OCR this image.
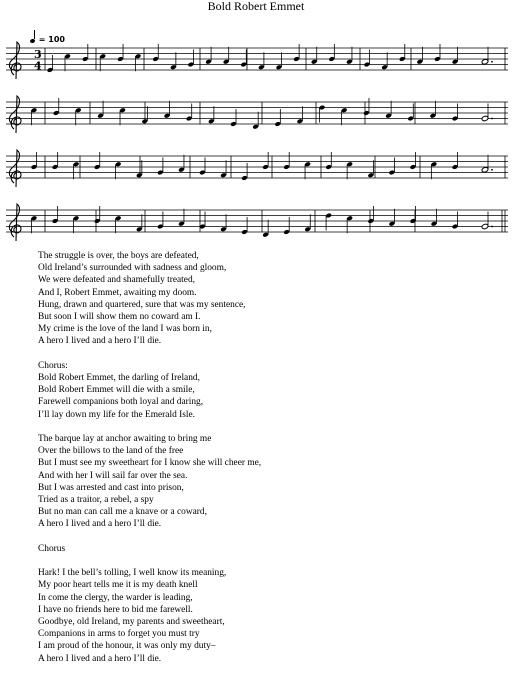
Bold Robert Emmet
= 100
3
4
The struggle is over, the boys are defeated,
Old Ireland’s surrounded with sadness and gloom,
We were defeated and shamefully treated,
And I, Robert Emmet, awaiting my doom.
Hung, drawn and quartered, sure that was my sentence,
But soon I will show them no coward am I.
My crime is the love of the land I was born in,
A hero I lived and a hero I’ll die.
Chorus:
Bold Robert Emmet, the darling of Ireland,
Bold Robert Emmet will die with a smile,
Farewell companions both loyal and daring,
I’ll lay down my life for the Emerald Isle.
The barque lay at anchor awaiting to bring me
Over the billows to the land of the free
But I must see my sweetheart for I know she will cheer me,
And with her I will sail far over the sea.
But I was arrested and cast into prison,
Tried as a traitor, a rebel, a spy
But no man can call me a knave or a coward,
A hero I lived and a hero I’ll die.
Chorus
Hark! I the bell’s tolling, I well know its meaning,
My poor heart tells me it is my death knell
In come the clergy, the warder is leading,
I have no friends here to bid me farewell.
Goodbye, old Ireland, my parents and sweetheart,
Companions in arms to forget you must try
I am proud of the honour, it was only my duty–
A hero I lived and a hero I’ll die.
